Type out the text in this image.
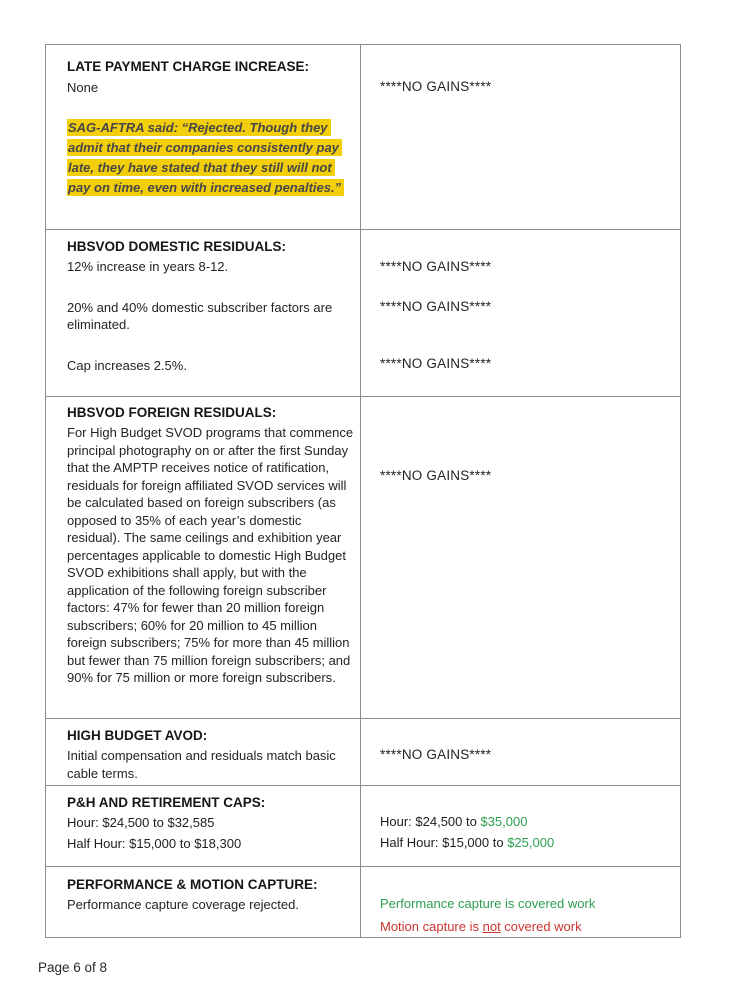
LATE PAYMENT CHARGE INCREASE:

None

SAG-AFTRA said: “Rejected. Though they admit that their companies consistently pay late, they have stated that they still will not pay on time, even with increased penalties.”

****NO GAINS****

HBSVOD DOMESTIC RESIDUALS:

12% increase in years 8-12.

20% and 40% domestic subscriber factors are eliminated.

Cap increases 2.5%.

****NO GAINS****

****NO GAINS****

****NO GAINS****

HBSVOD FOREIGN RESIDUALS:

For High Budget SVOD programs that commence principal photography on or after the first Sunday that the AMPTP receives notice of ratification, residuals for foreign affiliated SVOD services will be calculated based on foreign subscribers (as opposed to 35% of each year’s domestic residual). The same ceilings and exhibition year percentages applicable to domestic High Budget SVOD exhibitions shall apply, but with the application of the following foreign subscriber factors: 47% for fewer than 20 million foreign subscribers; 60% for 20 million to 45 million foreign subscribers; 75% for more than 45 million but fewer than 75 million foreign subscribers; and 90% for 75 million or more foreign subscribers.

****NO GAINS****

HIGH BUDGET AVOD:

Initial compensation and residuals match basic cable terms.

****NO GAINS****

P&H AND RETIREMENT CAPS:

Hour: $24,500 to $32,585

Half Hour: $15,000 to $18,300

Hour: $24,500 to $35,000

Half Hour: $15,000 to $25,000

PERFORMANCE & MOTION CAPTURE:

Performance capture coverage rejected.	Performance capture is covered work

Motion capture is not covered work

Page 6 of 8
